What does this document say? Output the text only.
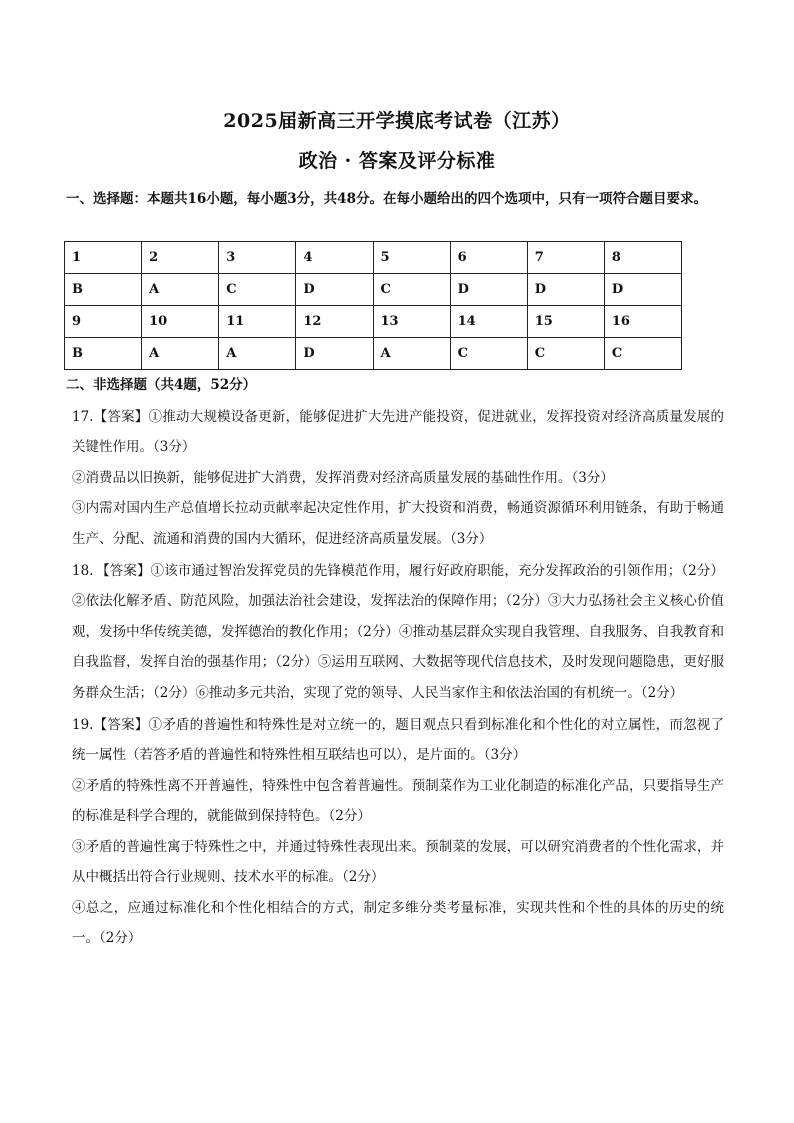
2025届新高三开学摸底考试卷（江苏）
政治 · 答案及评分标准
一、选择题：本题共16小题，每小题3分，共48分。在每小题给出的四个选项中，只有一项符合题目要求。
1	2	3	4	5	6	7	8
B	A	C	D	C	D	D	D
9	10	11	12	13	14	15	16
B	A	A	D	A	C	C	C
二、非选择题（共4题，52分）

17.【答案】①推动大规模设备更新，能够促进扩大先进产能投资，促进就业，发挥投资对经济高质量发展的关键性作用。（3分）

②消费品以旧换新，能够促进扩大消费，发挥消费对经济高质量发展的基础性作用。（3分）

③内需对国内生产总值增长拉动贡献率起决定性作用，扩大投资和消费，畅通资源循环利用链条，有助于畅通生产、分配、流通和消费的国内大循环，促进经济高质量发展。（3分）

18．【答案】①该市通过智治发挥党员的先锋模范作用，履行好政府职能，充分发挥政治的引领作用；（2分）②依法化解矛盾、防范风险，加强法治社会建设，发挥法治的保障作用；（2分）③大力弘扬社会主义核心价值观，发扬中华传统美德，发挥德治的教化作用；（2分）④推动基层群众实现自我管理、自我服务、自我教育和自我监督，发挥自治的强基作用；（2分）⑤运用互联网、大数据等现代信息技术，及时发现问题隐患，更好服务群众生活；（2分）⑥推动多元共治，实现了党的领导、人民当家作主和依法治国的有机统一。（2分）

19.【答案】①矛盾的普遍性和特殊性是对立统一的，题目观点只看到标准化和个性化的对立属性，而忽视了统一属性（若答矛盾的普遍性和特殊性相互联结也可以），是片面的。（3分）

②矛盾的特殊性离不开普遍性，特殊性中包含着普遍性。预制菜作为工业化制造的标准化产品，只要指导生产的标准是科学合理的，就能做到保持特色。（2分）

③矛盾的普遍性寓于特殊性之中，并通过特殊性表现出来。预制菜的发展，可以研究消费者的个性化需求，并从中概括出符合行业规则、技术水平的标准。（2分）

④总之，应通过标准化和个性化相结合的方式，制定多维分类考量标准，实现共性和个性的具体的历史的统一。（2分）
